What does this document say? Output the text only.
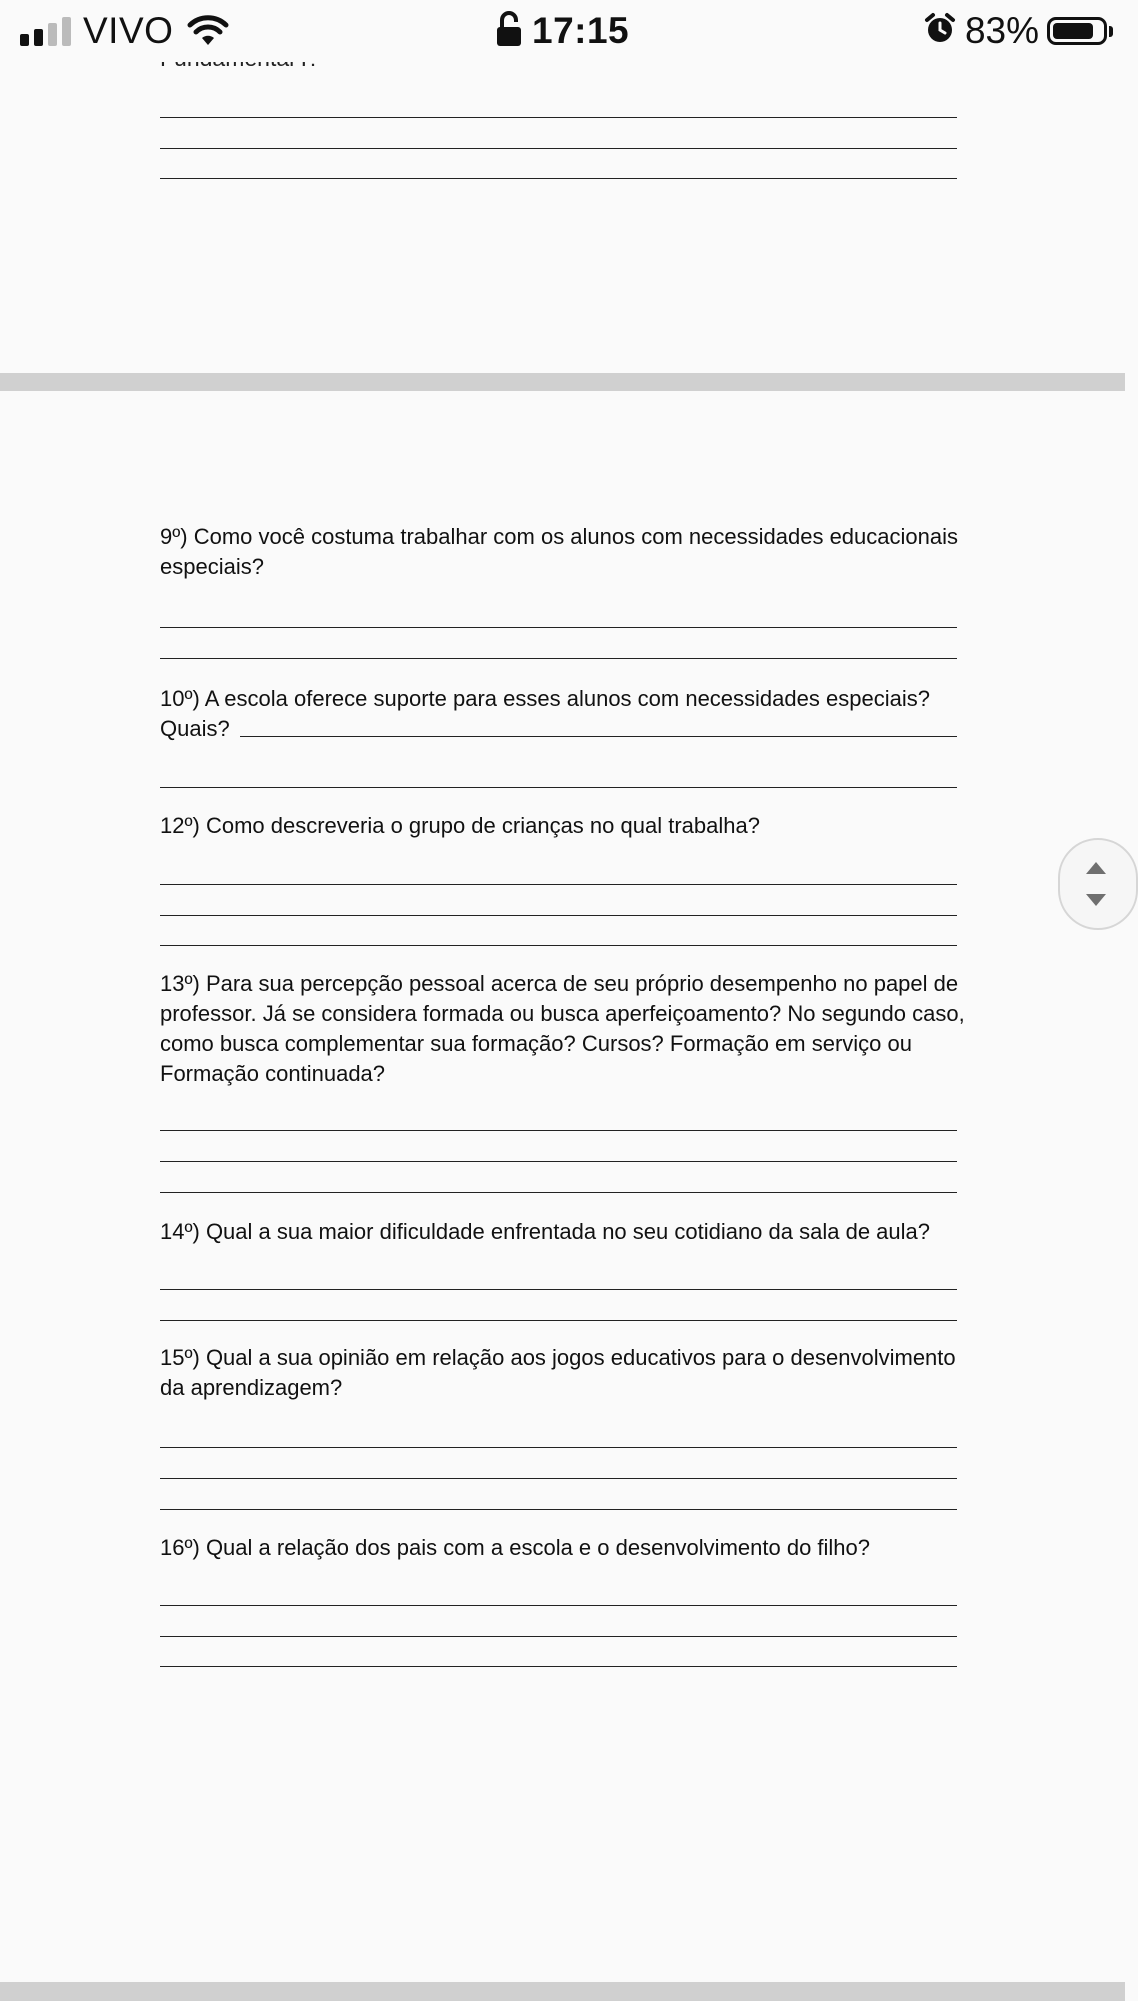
VIVO	17:15	83%
9º) Como você costuma trabalhar com os alunos com necessidades educacionais especiais?
10º) A escola oferece suporte para esses alunos com necessidades especiais? Quais?
12º) Como descreveria o grupo de crianças no qual trabalha?
13º) Para sua percepção pessoal acerca de seu próprio desempenho no papel de professor. Já se considera formada ou busca aperfeiçoamento? No segundo caso, como busca complementar sua formação? Cursos? Formação em serviço ou Formação continuada?
14º) Qual a sua maior dificuldade enfrentada no seu cotidiano da sala de aula?
15º) Qual a sua opinião em relação aos jogos educativos para o desenvolvimento da aprendizagem?
16º) Qual a relação dos pais com a escola e o desenvolvimento do filho?
